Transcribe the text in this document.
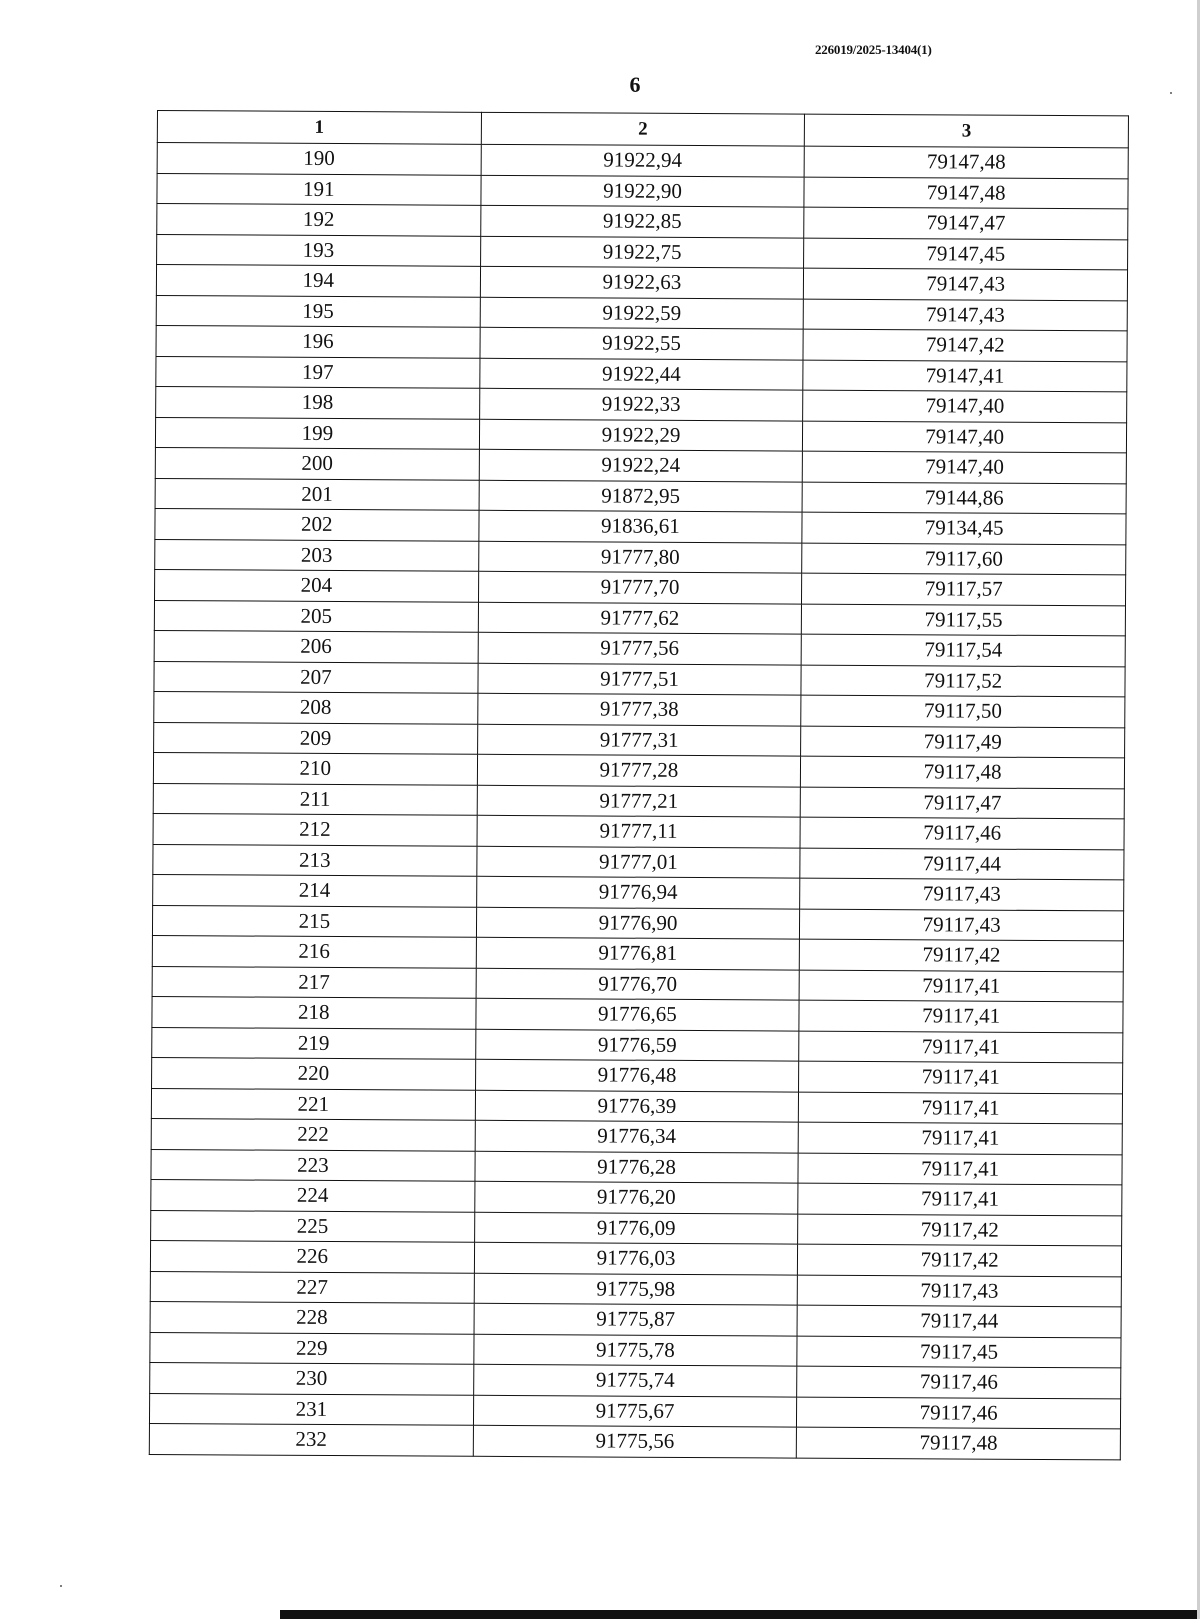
226019/2025-13404(1)
6
1	2	3
190	91922,94	79147,48
191	91922,90	79147,48
192	91922,85	79147,47
193	91922,75	79147,45
194	91922,63	79147,43
195	91922,59	79147,43
196	91922,55	79147,42
197	91922,44	79147,41
198	91922,33	79147,40
199	91922,29	79147,40
200	91922,24	79147,40
201	91872,95	79144,86
202	91836,61	79134,45
203	91777,80	79117,60
204	91777,70	79117,57
205	91777,62	79117,55
206	91777,56	79117,54
207	91777,51	79117,52
208	91777,38	79117,50
209	91777,31	79117,49
210	91777,28	79117,48
211	91777,21	79117,47
212	91777,11	79117,46
213	91777,01	79117,44
214	91776,94	79117,43
215	91776,90	79117,43
216	91776,81	79117,42
217	91776,70	79117,41
218	91776,65	79117,41
219	91776,59	79117,41
220	91776,48	79117,41
221	91776,39	79117,41
222	91776,34	79117,41
223	91776,28	79117,41
224	91776,20	79117,41
225	91776,09	79117,42
226	91776,03	79117,42
227	91775,98	79117,43
228	91775,87	79117,44
229	91775,78	79117,45
230	91775,74	79117,46
231	91775,67	79117,46
232	91775,56	79117,48
